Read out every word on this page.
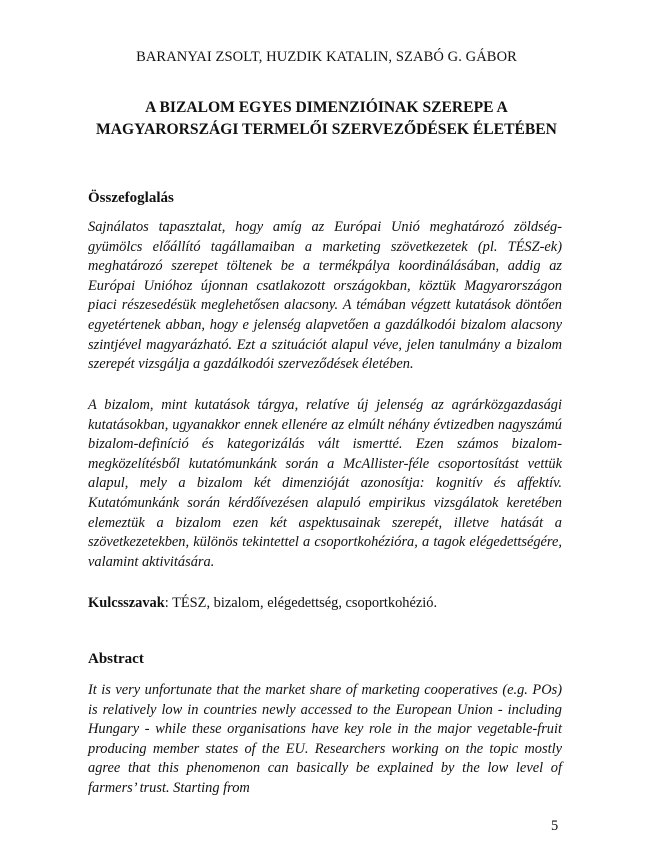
BARANYAI ZSOLT, HUZDIK KATALIN, SZABÓ G. GÁBOR
A BIZALOM EGYES DIMENZIÓINAK SZEREPE A MAGYARORSZÁGI TERMELŐI SZERVEZŐDÉSEK ÉLETÉBEN
Összefoglalás

Sajnálatos tapasztalat, hogy amíg az Európai Unió meghatározó zöldség-gyümölcs előállító tagállamaiban a marketing szövetkezetek (pl. TÉSZ-ek) meghatározó szerepet töltenek be a termékpálya koordinálásában, addig az Európai Unióhoz újonnan csatlakozott országokban, köztük Magyarországon piaci részesedésük meglehetősen alacsony. A témában végzett kutatások döntően egyetértenek abban, hogy e jelenség alapvetően a gazdálkodói bizalom alacsony szintjével magyarázható. Ezt a szituációt alapul véve, jelen tanulmány a bizalom szerepét vizsgálja a gazdálkodói szerveződések életében.

A bizalom, mint kutatások tárgya, relatíve új jelenség az agrárközgazdasági kutatásokban, ugyanakkor ennek ellenére az elmúlt néhány évtizedben nagyszámú bizalom-definíció és kategorizálás vált ismertté. Ezen számos bizalom-megközelítésből kutatómunkánk során a McAllister-féle csoportosítást vettük alapul, mely a bizalom két dimenzióját azonosítja: kognitív és affektív. Kutatómunkánk során kérdőívezésen alapuló empirikus vizsgálatok keretében elemeztük a bizalom ezen két aspektusainak szerepét, illetve hatását a szövetkezetekben, különös tekintettel a csoportkohézióra, a tagok elégedettségére, valamint aktivitására.

Kulcsszavak: TÉSZ, bizalom, elégedettség, csoportkohézió.

Abstract

It is very unfortunate that the market share of marketing cooperatives (e.g. POs) is relatively low in countries newly accessed to the European Union - including Hungary - while these organisations have key role in the major vegetable-fruit producing member states of the EU. Researchers working on the topic mostly agree that this phenomenon can basically be explained by the low level of farmers’ trust. Starting from

5
